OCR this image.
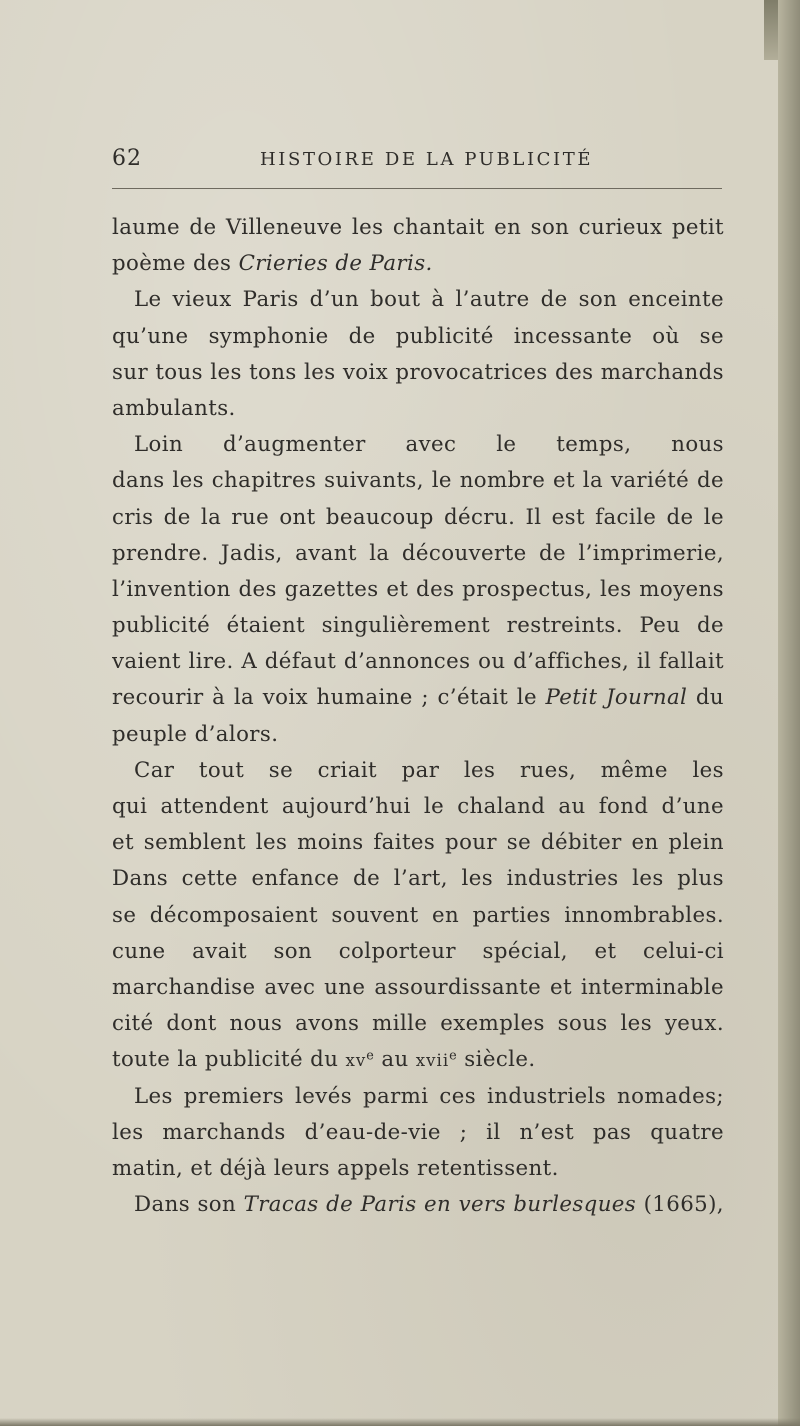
62	HISTOIRE DE LA PUBLICITÉ
laume de Villeneuve les chantait en son curieux petit
poème des Crieries de Paris.
Le vieux Paris d’un bout à l’autre de son enceinte
qu’une symphonie de publicité incessante où se
sur tous les tons les voix provocatrices des marchands
ambulants.
Loin d’augmenter avec le temps, nous
dans les chapitres suivants, le nombre et la variété de
cris de la rue ont beaucoup décru. Il est facile de le
prendre. Jadis, avant la découverte de l’imprimerie,
l’invention des gazettes et des prospectus, les moyens
publicité étaient singulièrement restreints. Peu de
vaient lire. A défaut d’annonces ou d’affiches, il fallait
recourir à la voix humaine ; c’était le Petit Journal du
peuple d’alors.
Car tout se criait par les rues, même les
qui attendent aujourd’hui le chaland au fond d’une
et semblent les moins faites pour se débiter en plein
Dans cette enfance de l’art, les industries les plus
se décomposaient souvent en parties innombrables.
cune avait son colporteur spécial, et celui-ci
marchandise avec une assourdissante et interminable
cité dont nous avons mille exemples sous les yeux.
toute la publicité du $xv^e$ au xvii$^e$ siècle.
Les premiers levés parmi ces industriels nomades;
les marchands d’eau-de-vie ; il n’est pas quatre
matin, et déjà leurs appels retentissent.
Dans son Tracas de Paris en vers burlesques (1665),
